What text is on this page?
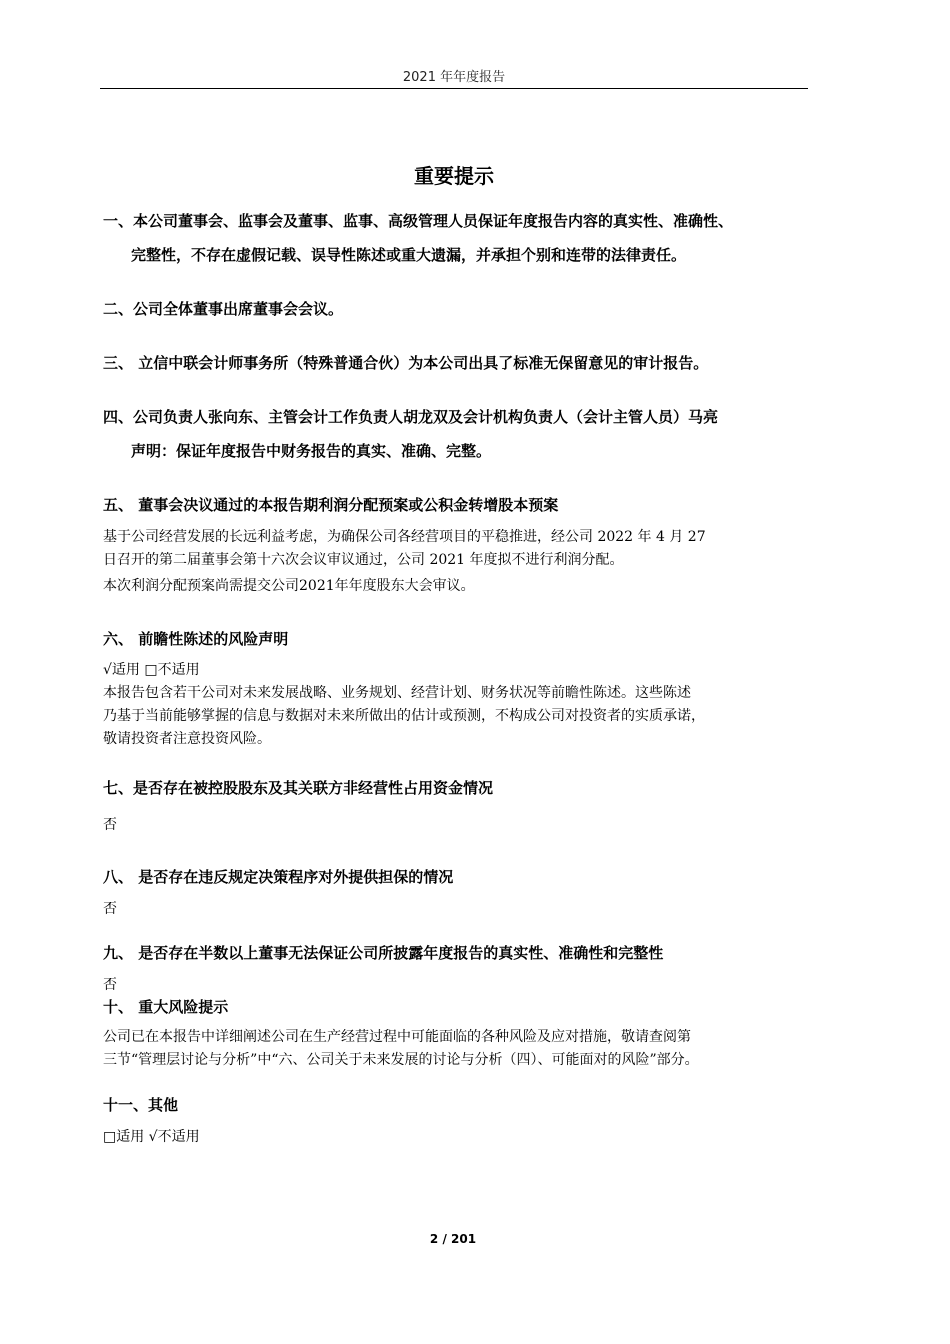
2021 年年度报告
重要提示
一、本公司董事会、监事会及董事、监事、高级管理人员保证年度报告内容的真实性、准确性、
完整性，不存在虚假记载、误导性陈述或重大遗漏，并承担个别和连带的法律责任。
二、公司全体董事出席董事会会议。
三、 立信中联会计师事务所（特殊普通合伙）为本公司出具了标准无保留意见的审计报告。
四、公司负责人张向东、主管会计工作负责人胡龙双及会计机构负责人（会计主管人员）马亮
声明：保证年度报告中财务报告的真实、准确、完整。
五、 董事会决议通过的本报告期利润分配预案或公积金转增股本预案
基于公司经营发展的长远利益考虑，为确保公司各经营项目的平稳推进，经公司 2022 年 4 月 27
日召开的第二届董事会第十六次会议审议通过，公司 2021 年度拟不进行利润分配。
本次利润分配预案尚需提交公司2021年年度股东大会审议。
六、 前瞻性陈述的风险声明
√适用 □不适用
本报告包含若干公司对未来发展战略、业务规划、经营计划、财务状况等前瞻性陈述。这些陈述
乃基于当前能够掌握的信息与数据对未来所做出的估计或预测，不构成公司对投资者的实质承诺，
敬请投资者注意投资风险。
七、是否存在被控股股东及其关联方非经营性占用资金情况
否
八、 是否存在违反规定决策程序对外提供担保的情况
否
九、 是否存在半数以上董事无法保证公司所披露年度报告的真实性、准确性和完整性
否
十、 重大风险提示
公司已在本报告中详细阐述公司在生产经营过程中可能面临的各种风险及应对措施，敬请查阅第
三节“管理层讨论与分析”中“六、公司关于未来发展的讨论与分析（四）、可能面对的风险”部分。
十一、其他
□适用 √不适用
2 / 201
